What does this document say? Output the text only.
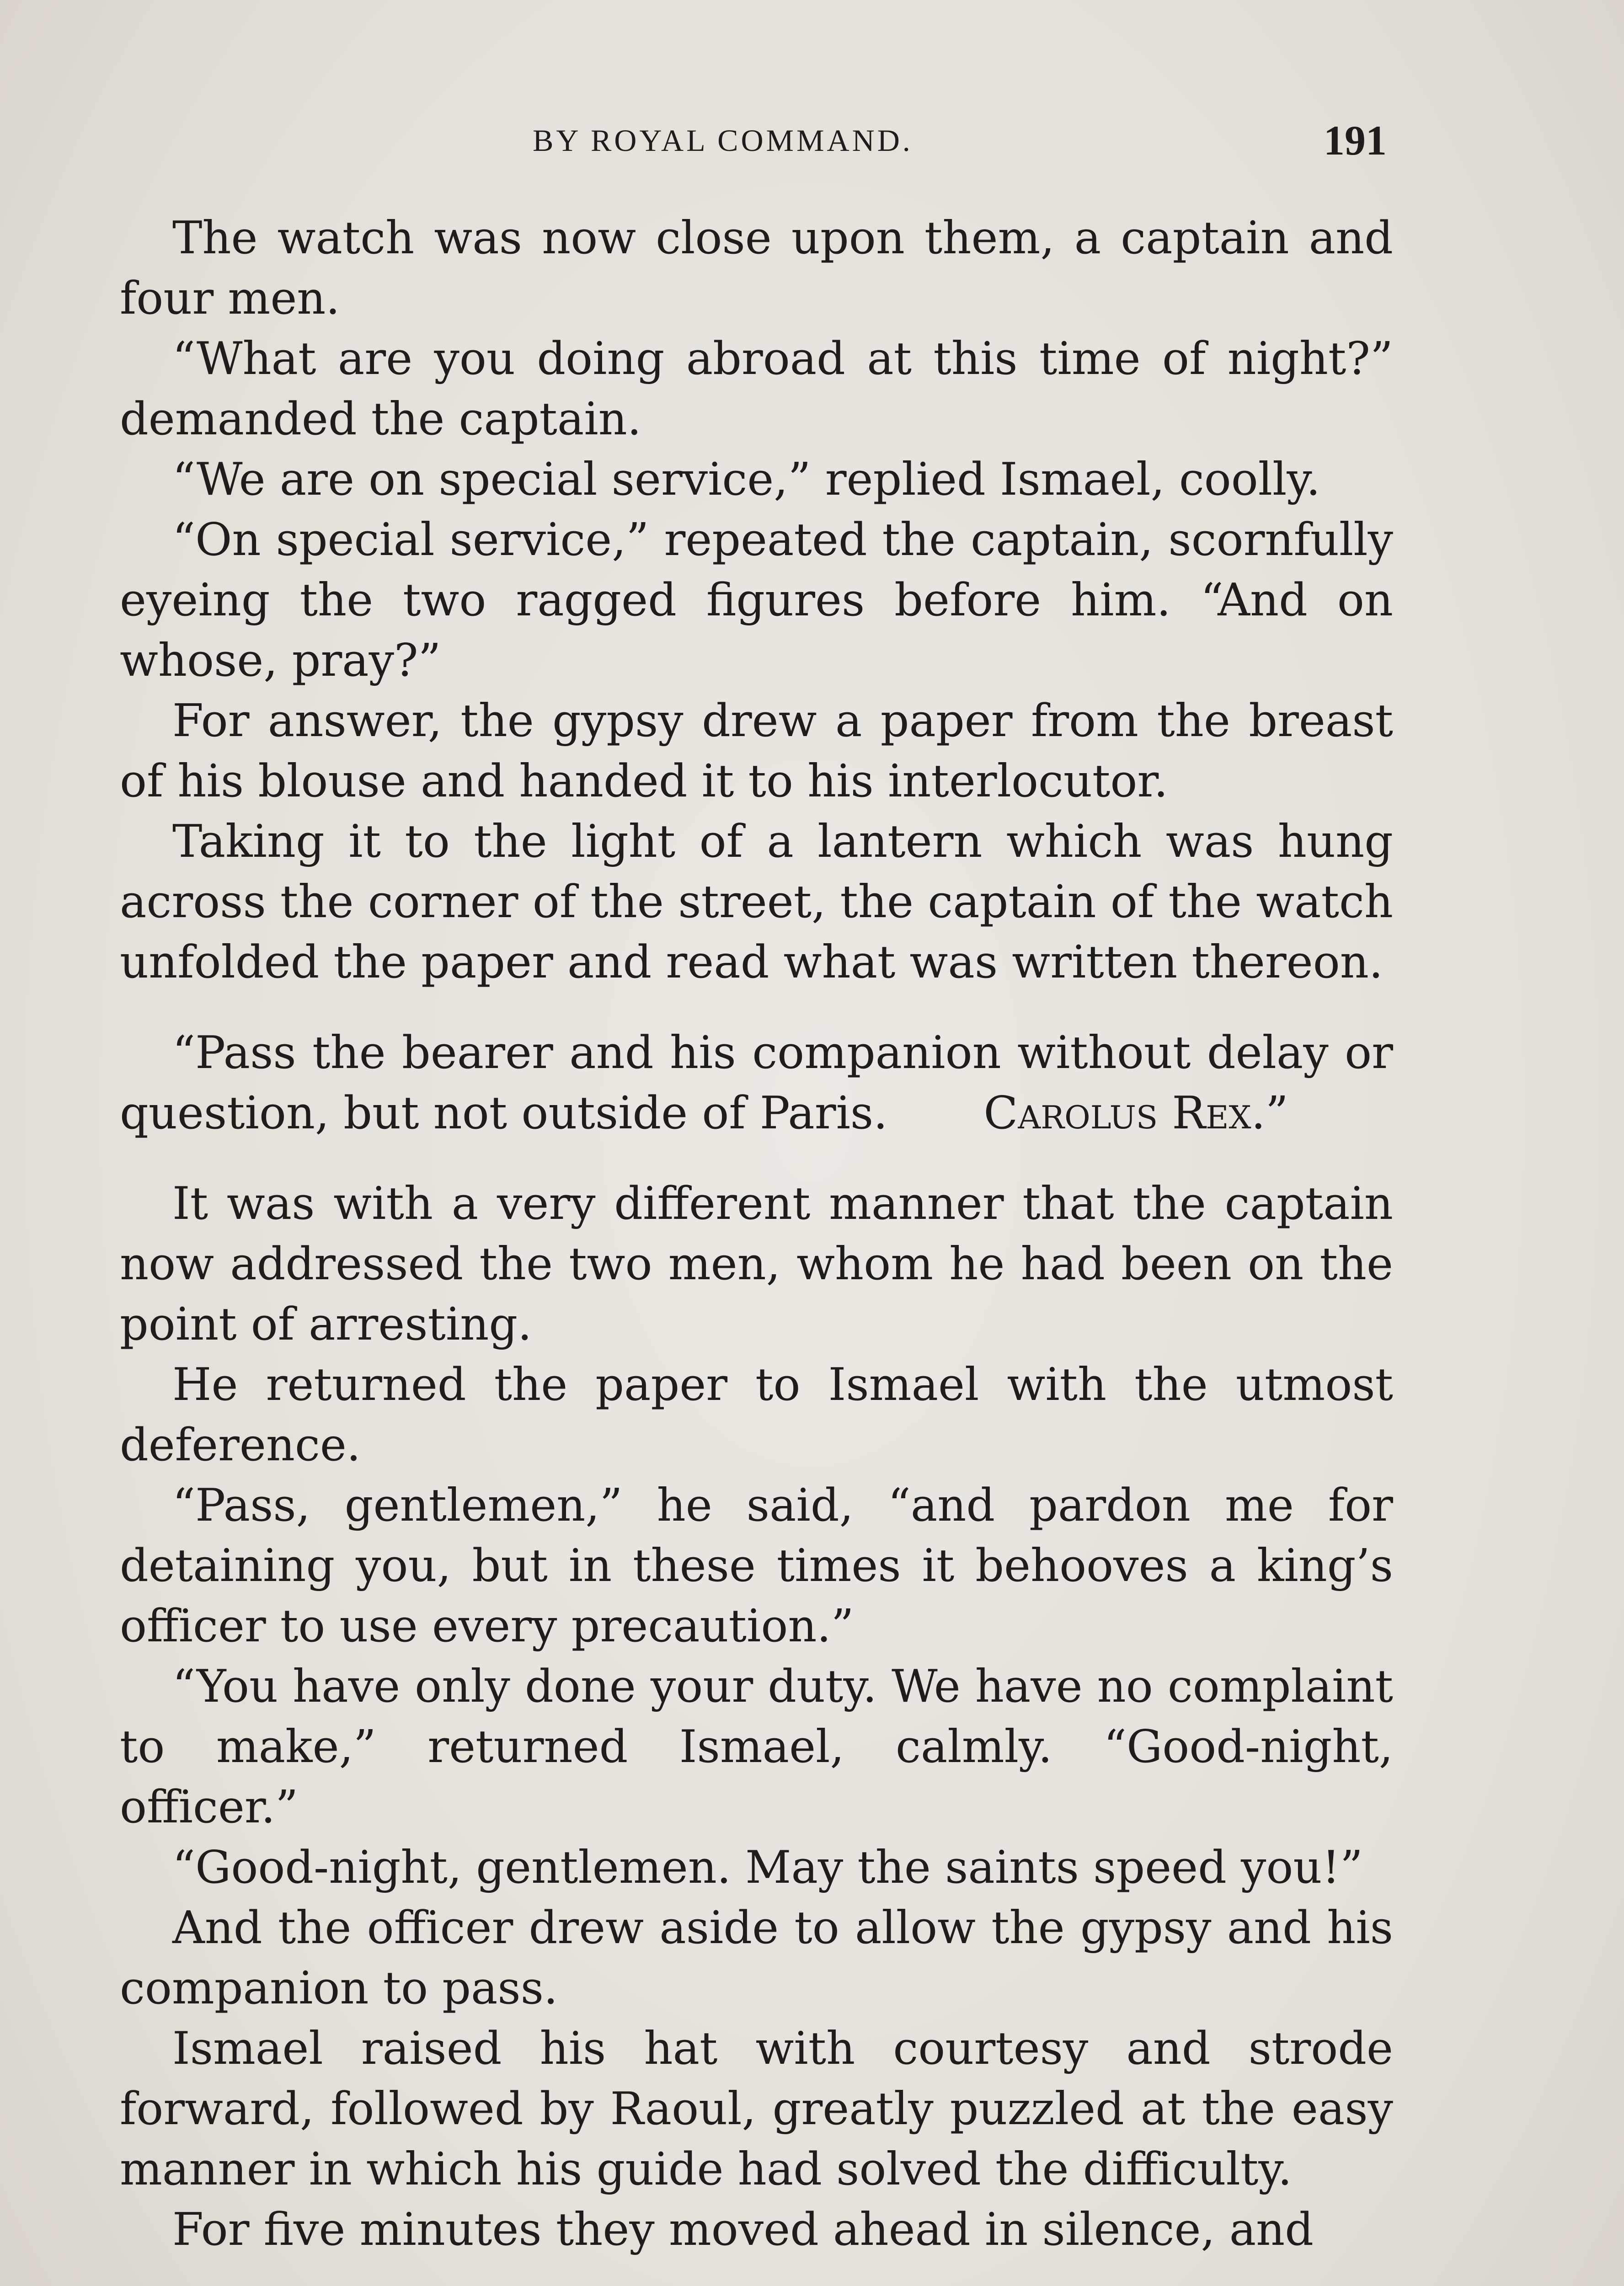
BY ROYAL COMMAND.	191

The watch was now close upon them, a captain and four men.

“What are you doing abroad at this time of night?” demanded the captain.

“We are on special service,” replied Ismael, coolly.

“On special service,” repeated the captain, scornfully eyeing the two ragged figures before him. “And on whose, pray?”

For answer, the gypsy drew a paper from the breast of his blouse and handed it to his interlocutor.

Taking it to the light of a lantern which was hung across the corner of the street, the captain of the watch unfolded the paper and read what was written thereon.

“Pass the bearer and his companion without delay or question, but not outside of Paris. Carolus Rex.”

It was with a very different manner that the captain now addressed the two men, whom he had been on the point of arresting.

He returned the paper to Ismael with the utmost deference.

“Pass, gentlemen,” he said, “and pardon me for detaining you, but in these times it behooves a king’s officer to use every precaution.”

“You have only done your duty. We have no complaint to make,” returned Ismael, calmly. “Good-night, officer.”

“Good-night, gentlemen. May the saints speed you!”

And the officer drew aside to allow the gypsy and his companion to pass.

Ismael raised his hat with courtesy and strode forward, followed by Raoul, greatly puzzled at the easy manner in which his guide had solved the difficulty.

For five minutes they moved ahead in silence, and
